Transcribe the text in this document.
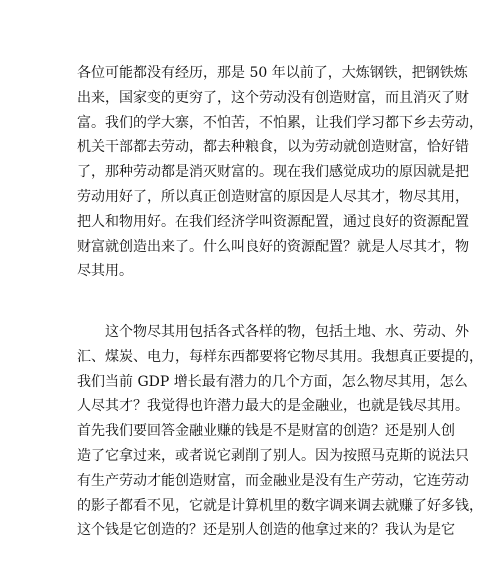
各位可能都没有经历，那是 50 年以前了，大炼钢铁，把钢铁炼
出来，国家变的更穷了，这个劳动没有创造财富，而且消灭了财
富。我们的学大寨，不怕苦，不怕累，让我们学习都下乡去劳动，
机关干部都去劳动，都去种粮食，以为劳动就创造财富，恰好错
了，那种劳动都是消灭财富的。现在我们感觉成功的原因就是把
劳动用好了，所以真正创造财富的原因是人尽其才，物尽其用，
把人和物用好。在我们经济学叫资源配置，通过良好的资源配置
财富就创造出来了。什么叫良好的资源配置？就是人尽其才，物
尽其用。
　　这个物尽其用包括各式各样的物，包括土地、水、劳动、外
汇、煤炭、电力，每样东西都要将它物尽其用。我想真正要提的，
我们当前 GDP 增长最有潜力的几个方面，怎么物尽其用，怎么
人尽其才？我觉得也许潜力最大的是金融业，也就是钱尽其用。
首先我们要回答金融业赚的钱是不是财富的创造？还是别人创
造了它拿过来，或者说它剥削了别人。因为按照马克斯的说法只
有生产劳动才能创造财富，而金融业是没有生产劳动，它连劳动
的影子都看不见，它就是计算机里的数字调来调去就赚了好多钱，
这个钱是它创造的？还是别人创造的他拿过来的？我认为是它
